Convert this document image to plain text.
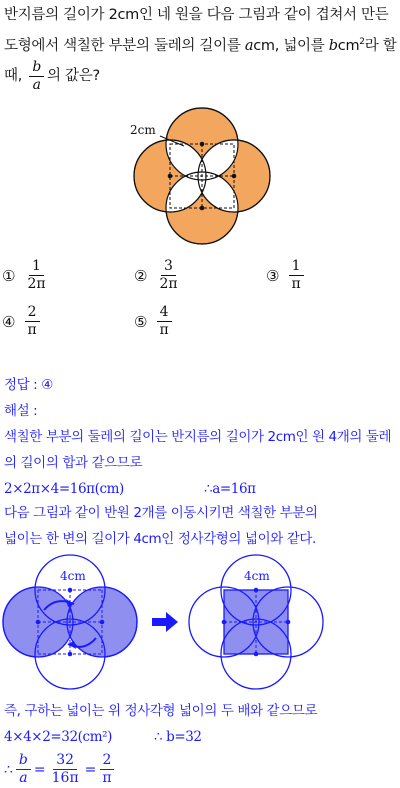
반지름의 길이가 2cm인 네 원을 다음 그림과 같이 겹쳐서 만든
도형에서 색칠한 부분의 둘레의 길이를 acm, 넓이를 bcm$^2$라 할
때, $\frac{b}{a}$ 의 값은?
2cm
① $\frac{1}{2\pi}$	② $\frac{3}{2\pi}$	③ $\frac{1}{\pi}$
④ $\frac{2}{\pi}$	⑤ $\frac{4}{\pi}$
정답 : ④
해설 :
색칠한 부분의 둘레의 길이는 반지름의 길이가 2cm인 원 4개의 둘레
의 길이의 합과 같으므로
2×2π×4=16π(cm)	∴a=16π
다음 그림과 같이 반원 2개를 이동시키면 색칠한 부분의
넓이는 한 변의 길이가 4cm인 정사각형의 넓이와 같다.
4cm	4cm
즉, 구하는 넓이는 위 정사각형 넓이의 두 배와 같으므로
4×4×2=32(cm²)	∴ b=32
∴ $\frac{b}{a} = \frac{32}{16\pi} = \frac{2}{\pi}$
